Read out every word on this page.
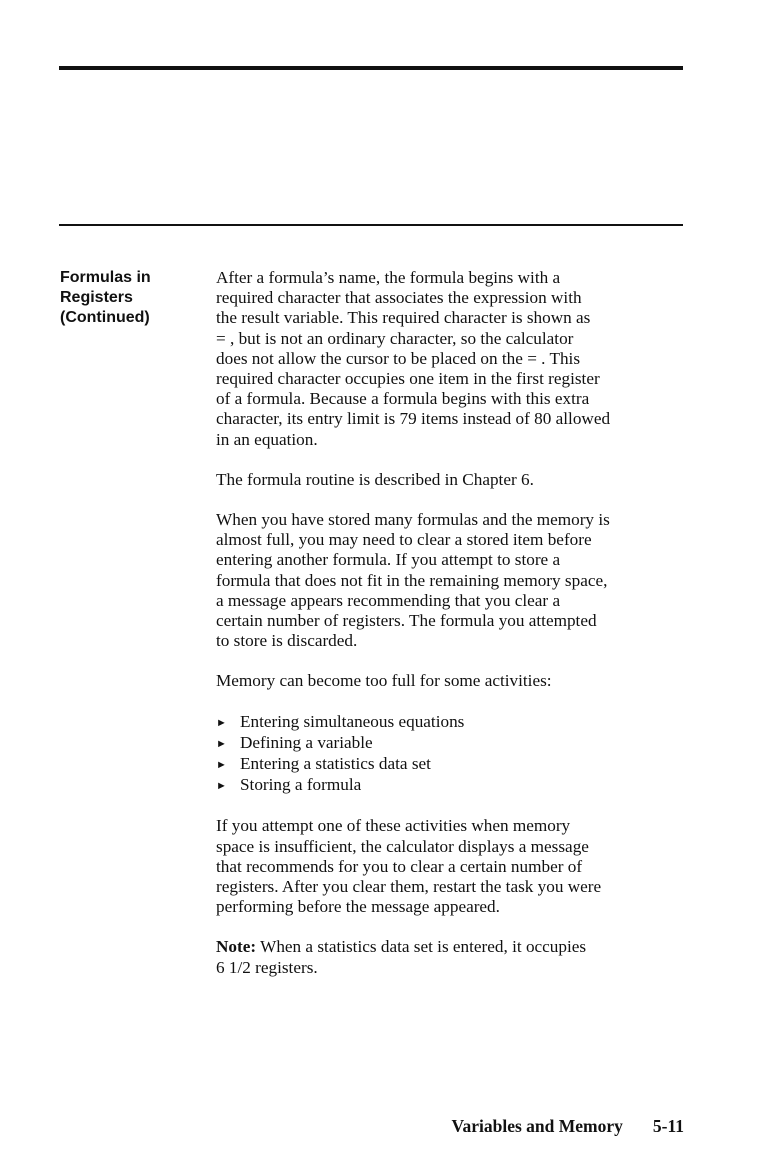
Formulas in
Registers
(Continued)
After a formula’s name, the formula begins with a
required character that associates the expression with
the result variable. This required character is shown as
= , but is not an ordinary character, so the calculator
does not allow the cursor to be placed on the = . This
required character occupies one item in the first register
of a formula. Because a formula begins with this extra
character, its entry limit is 79 items instead of 80 allowed
in an equation.
The formula routine is described in Chapter 6.
When you have stored many formulas and the memory is
almost full, you may need to clear a stored item before
entering another formula. If you attempt to store a
formula that does not fit in the remaining memory space,
a message appears recommending that you clear a
certain number of registers. The formula you attempted
to store is discarded.
Memory can become too full for some activities:
► Entering simultaneous equations
► Defining a variable
► Entering a statistics data set
► Storing a formula
If you attempt one of these activities when memory
space is insufficient, the calculator displays a message
that recommends for you to clear a certain number of
registers. After you clear them, restart the task you were
performing before the message appeared.
Note: When a statistics data set is entered, it occupies
6 1/2 registers.
Variables and Memory 5-11
